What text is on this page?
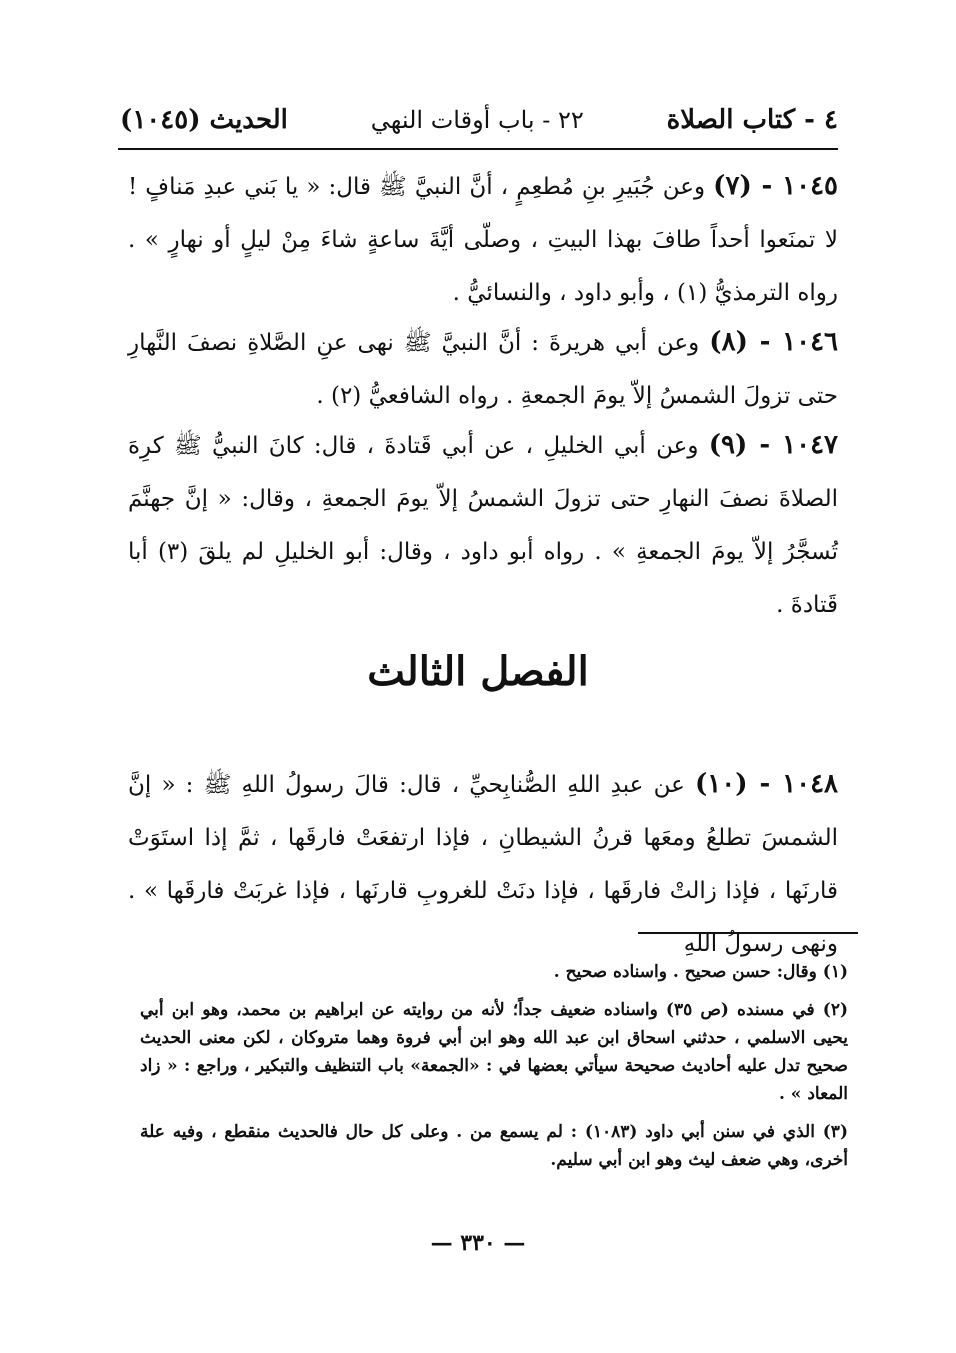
٤ - كتاب الصلاة
٢٢ - باب أوقات النهي
الحديث (١٠٤٥)
١٠٤٥ - (٧) وعن جُبَيرِ بنِ مُطعِمٍ ، أنَّ النبيَّ ﷺ قال: « يا بَني عبدِ مَنافٍ ! لا تمنَعوا أحداً طافَ بهذا البيتِ ، وصلّى أيَّةَ ساعةٍ شاءَ مِنْ ليلٍ أو نهارٍ » . رواه الترمذيُّ (١) ، وأبو داود ، والنسائيُّ .
١٠٤٦ - (٨) وعن أبي هريرةَ : أنَّ النبيَّ ﷺ نهى عنِ الصَّلاةِ نصفَ النَّهارِ حتى تزولَ الشمسُ إلاّ يومَ الجمعةِ . رواه الشافعيُّ (٢) .
١٠٤٧ - (٩) وعن أبي الخليلِ ، عن أبي قَتادةَ ، قال: كانَ النبيُّ ﷺ كرِهَ الصلاةَ نصفَ النهارِ حتى تزولَ الشمسُ إلاّ يومَ الجمعةِ ، وقال: « إنَّ جهنَّمَ تُسجَّرُ إلاّ يومَ الجمعةِ » . رواه أبو داود ، وقال: أبو الخليلِ لم يلقَ (٣) أبا قَتادةَ .
الفصل الثالث
١٠٤٨ - (١٠) عن عبدِ اللهِ الصُّنابِحيِّ ، قال: قالَ رسولُ اللهِ ﷺ : « إنَّ الشمسَ تطلعُ ومعَها قرنُ الشيطانِ ، فإذا ارتفعَتْ فارقَها ، ثمَّ إذا استَوَتْ قارنَها ، فإذا زالتْ فارقَها ، فإذا دنَتْ للغروبِ قارنَها ، فإذا غربَتْ فارقَها » . ونهى رسولُ اللهِ

(١) وقال: حسن صحيح . واسناده صحيح .

(٢) في مسنده (ص ٣٥) واسناده ضعيف جداً؛ لأنه من روايته عن ابراهيم بن محمد، وهو ابن أبي يحيى الاسلمي ، حدثني اسحاق ابن عبد الله وهو ابن أبي فروة وهما متروكان ، لكن معنى الحديث صحيح تدل عليه أحاديث صحيحة سيأتي بعضها في : «الجمعة» باب التنظيف والتبكير ، وراجع : « زاد المعاد » .

(٣) الذي في سنن أبي داود (١٠٨٣) : لم يسمع من . وعلى كل حال فالحديث منقطع ، وفيه علة أخرى، وهي ضعف ليث وهو ابن أبي سليم.

— ٣٣٠ —
